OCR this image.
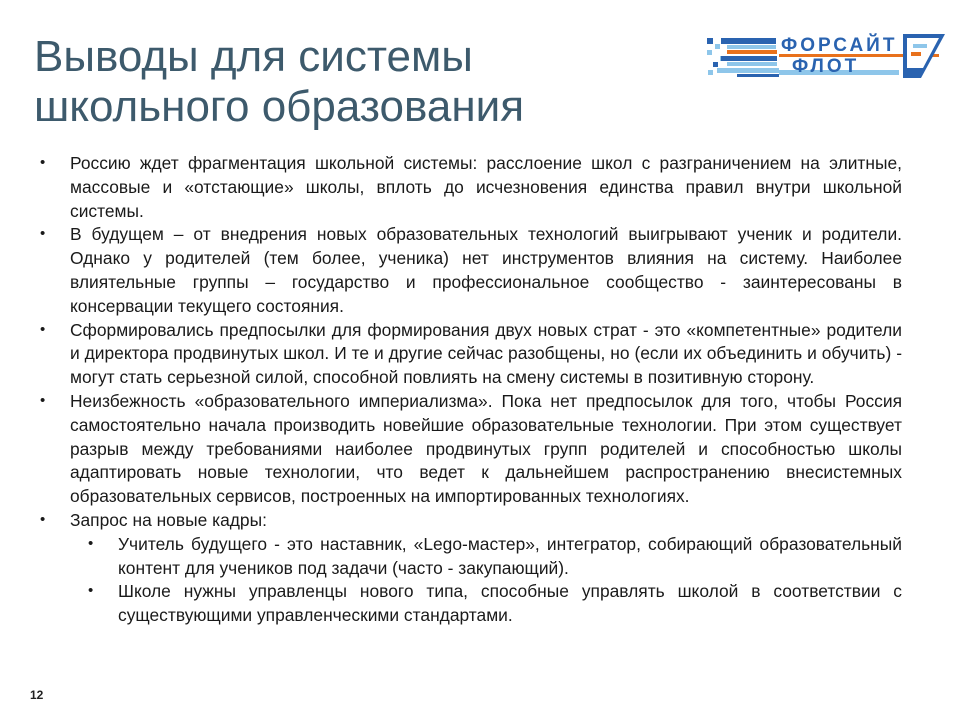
Выводы для системы
школьного образования
ФОРСАЙТ
ФЛОТ
• Россию ждет фрагментация школьной системы: расслоение школ с разграничением на элитные, массовые и «отстающие» школы, вплоть до исчезновения единства правил внутри школьной системы.
• В будущем – от внедрения новых образовательных технологий выигрывают ученик и родители. Однако у родителей (тем более, ученика) нет инструментов влияния на систему. Наиболее влиятельные группы – государство и профессиональное сообщество - заинтересованы в консервации текущего состояния.
• Сформировались предпосылки для формирования двух новых страт - это «компетентные» родители и директора продвинутых школ. И те и другие сейчас разобщены, но (если их объединить и обучить) - могут стать серьезной силой, способной повлиять на смену системы в позитивную сторону.
• Неизбежность «образовательного империализма». Пока нет предпосылок для того, чтобы Россия самостоятельно начала производить новейшие образовательные технологии. При этом существует разрыв между требованиями наиболее продвинутых групп родителей и способностью школы адаптировать новые технологии, что ведет к дальнейшем распространению внесистемных образовательных сервисов, построенных на импортированных технологиях.
• Запрос на новые кадры:
• Учитель будущего - это наставник, «Lego-мастер», интегратор, собирающий образовательный контент для учеников под задачи (часто - закупающий).
• Школе нужны управленцы нового типа, способные управлять школой в соответствии с существующими управленческими стандартами.
12
